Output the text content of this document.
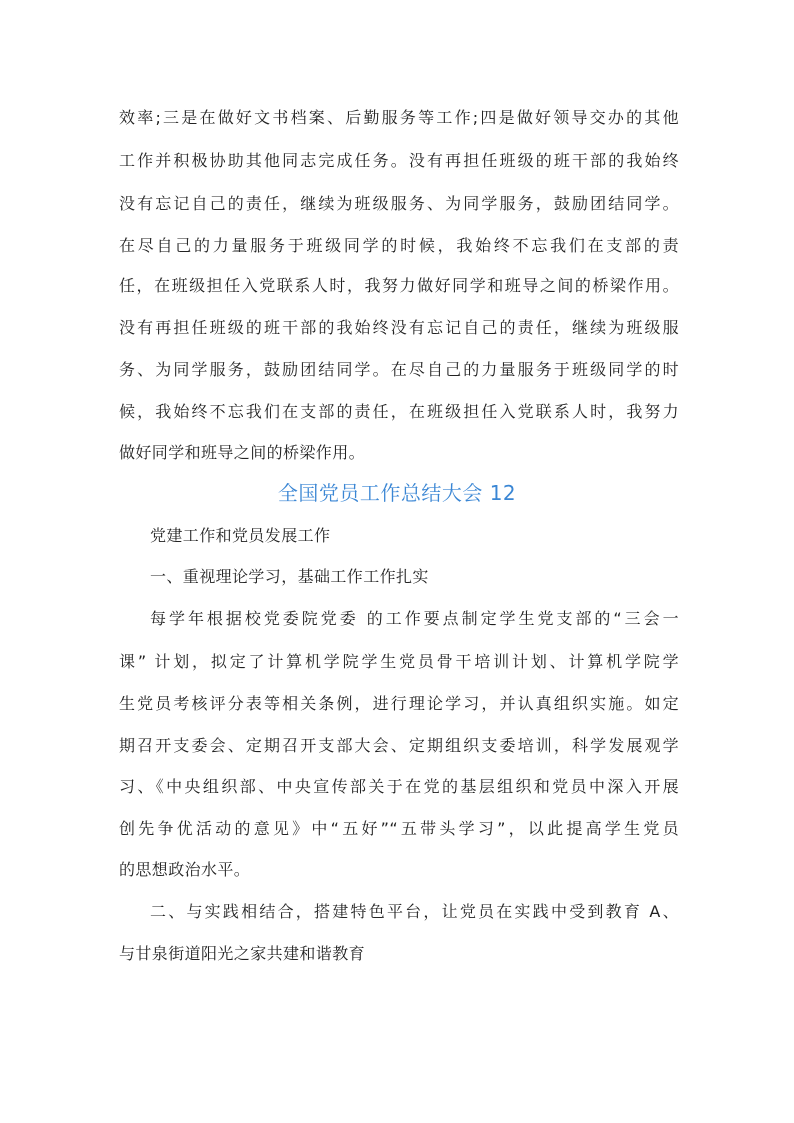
效率;三是在做好文书档案、后勤服务等工作;四是做好领导交办的其他
工作并积极协助其他同志完成任务。没有再担任班级的班干部的我始终
没有忘记自己的责任，继续为班级服务、为同学服务，鼓励团结同学。
在尽自己的力量服务于班级同学的时候，我始终不忘我们在支部的责
任，在班级担任入党联系人时，我努力做好同学和班导之间的桥梁作用。
没有再担任班级的班干部的我始终没有忘记自己的责任，继续为班级服
务、为同学服务，鼓励团结同学。在尽自己的力量服务于班级同学的时
候，我始终不忘我们在支部的责任，在班级担任入党联系人时，我努力
做好同学和班导之间的桥梁作用。
全国党员工作总结大会 12
党建工作和党员发展工作
一、重视理论学习，基础工作工作扎实
每学年根据校党委院党委 的工作要点制定学生党支部的“三会一
课” 计划，拟定了计算机学院学生党员骨干培训计划、计算机学院学
生党员考核评分表等相关条例，进行理论学习，并认真组织实施。如定
期召开支委会、定期召开支部大会、定期组织支委培训，科学发展观学
习、《中央组织部、中央宣传部关于在党的基层组织和党员中深入开展
创先争优活动的意见》中“五好”“五带头学习”，以此提高学生党员
的思想政治水平。
二、与实践相结合，搭建特色平台，让党员在实践中受到教育 A、
与甘泉街道阳光之家共建和谐教育
